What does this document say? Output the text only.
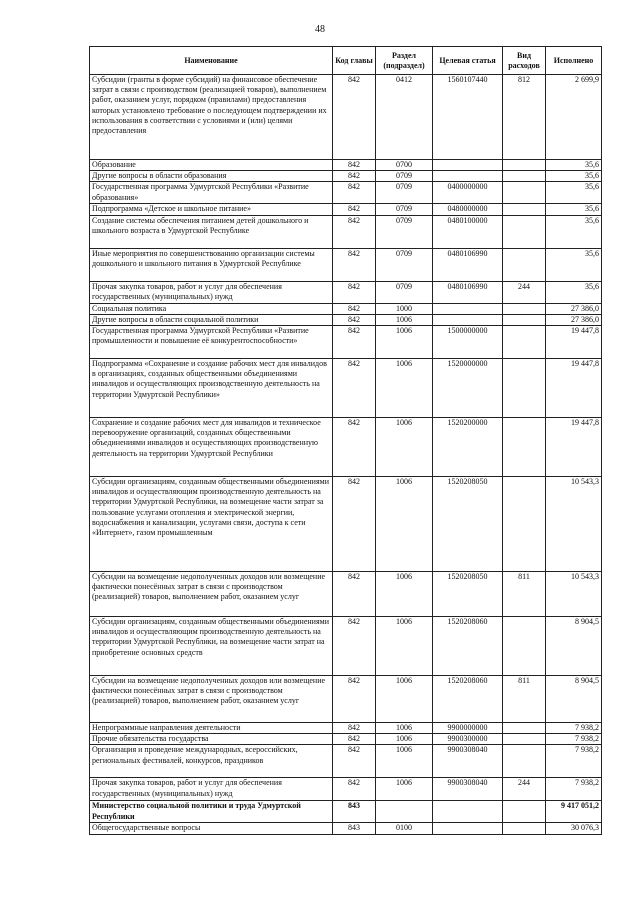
48
Наименование	Код главы	Раздел (подраздел)	Целевая статья	Вид расходов	Исполнено
Субсидии (гранты в форме субсидий) на финансовое обеспечение затрат в связи с производством (реализацией товаров), выполнением работ, оказанием услуг, порядком (правилами) предоставления которых установлено требование о последующем подтверждении их использования в соответствии с условиями и (или) целями предоставления	842	0412	1560107440	812	2 699,9
Образование	842	0700			35,6
Другие вопросы в области образования	842	0709			35,6
Государственная программа Удмуртской Республики «Развитие образования»	842	0709	0400000000		35,6
Подпрограмма «Детское и школьное питание»	842	0709	0480000000		35,6
Создание системы обеспечения питанием детей дошкольного и школьного возраста в Удмуртской Республике	842	0709	0480100000		35,6
Иные мероприятия по совершенствованию организации системы дошкольного и школьного питания в Удмуртской Республике	842	0709	0480106990		35,6
Прочая закупка товаров, работ и услуг для обеспечения государственных (муниципальных) нужд	842	0709	0480106990	244	35,6
Социальная политика	842	1000			27 386,0
Другие вопросы в области социальной политики	842	1006			27 386,0
Государственная программа Удмуртской Республики «Развитие промышленности и повышение её конкурентоспособности»	842	1006	1500000000		19 447,8
Подпрограмма «Сохранение и создание рабочих мест для инвалидов в организациях, созданных общественными объединениями инвалидов и осуществляющих производственную деятельность на территории Удмуртской Республики»	842	1006	1520000000		19 447,8
Сохранение и создание рабочих мест для инвалидов и техническое перевооружение организаций, созданных общественными объединениями инвалидов и осуществляющих производственную деятельность на территории Удмуртской Республики	842	1006	1520200000		19 447,8
Субсидии организациям, созданным общественными объединениями инвалидов и осуществляющим производственную деятельность на территории Удмуртской Республики, на возмещение части затрат за пользование услугами отопления и электрической энергии, водоснабжения и канализации, услугами связи, доступа к сети «Интернет», газом промышленным	842	1006	1520208050		10 543,3
Субсидии на возмещение недополученных доходов или возмещение фактически понесённых затрат в связи с производством (реализацией) товаров, выполнением работ, оказанием услуг	842	1006	1520208050	811	10 543,3
Субсидии организациям, созданным общественными объединениями инвалидов и осуществляющим производственную деятельность на территории Удмуртской Республики, на возмещение части затрат на приобретение основных средств	842	1006	1520208060		8 904,5
Субсидии на возмещение недополученных доходов или возмещение фактически понесённых затрат в связи с производством (реализацией) товаров, выполнением работ, оказанием услуг	842	1006	1520208060	811	8 904,5
Непрограммные направления деятельности	842	1006	9900000000		7 938,2
Прочие обязательства государства	842	1006	9900300000		7 938,2
Организация и проведение международных, всероссийских, региональных фестивалей, конкурсов, праздников	842	1006	9900308040		7 938,2
Прочая закупка товаров, работ и услуг для обеспечения государственных (муниципальных) нужд	842	1006	9900308040	244	7 938,2
Министерство социальной политики и труда Удмуртской Республики	843				9 417 051,2
Общегосударственные вопросы	843	0100			30 076,3
